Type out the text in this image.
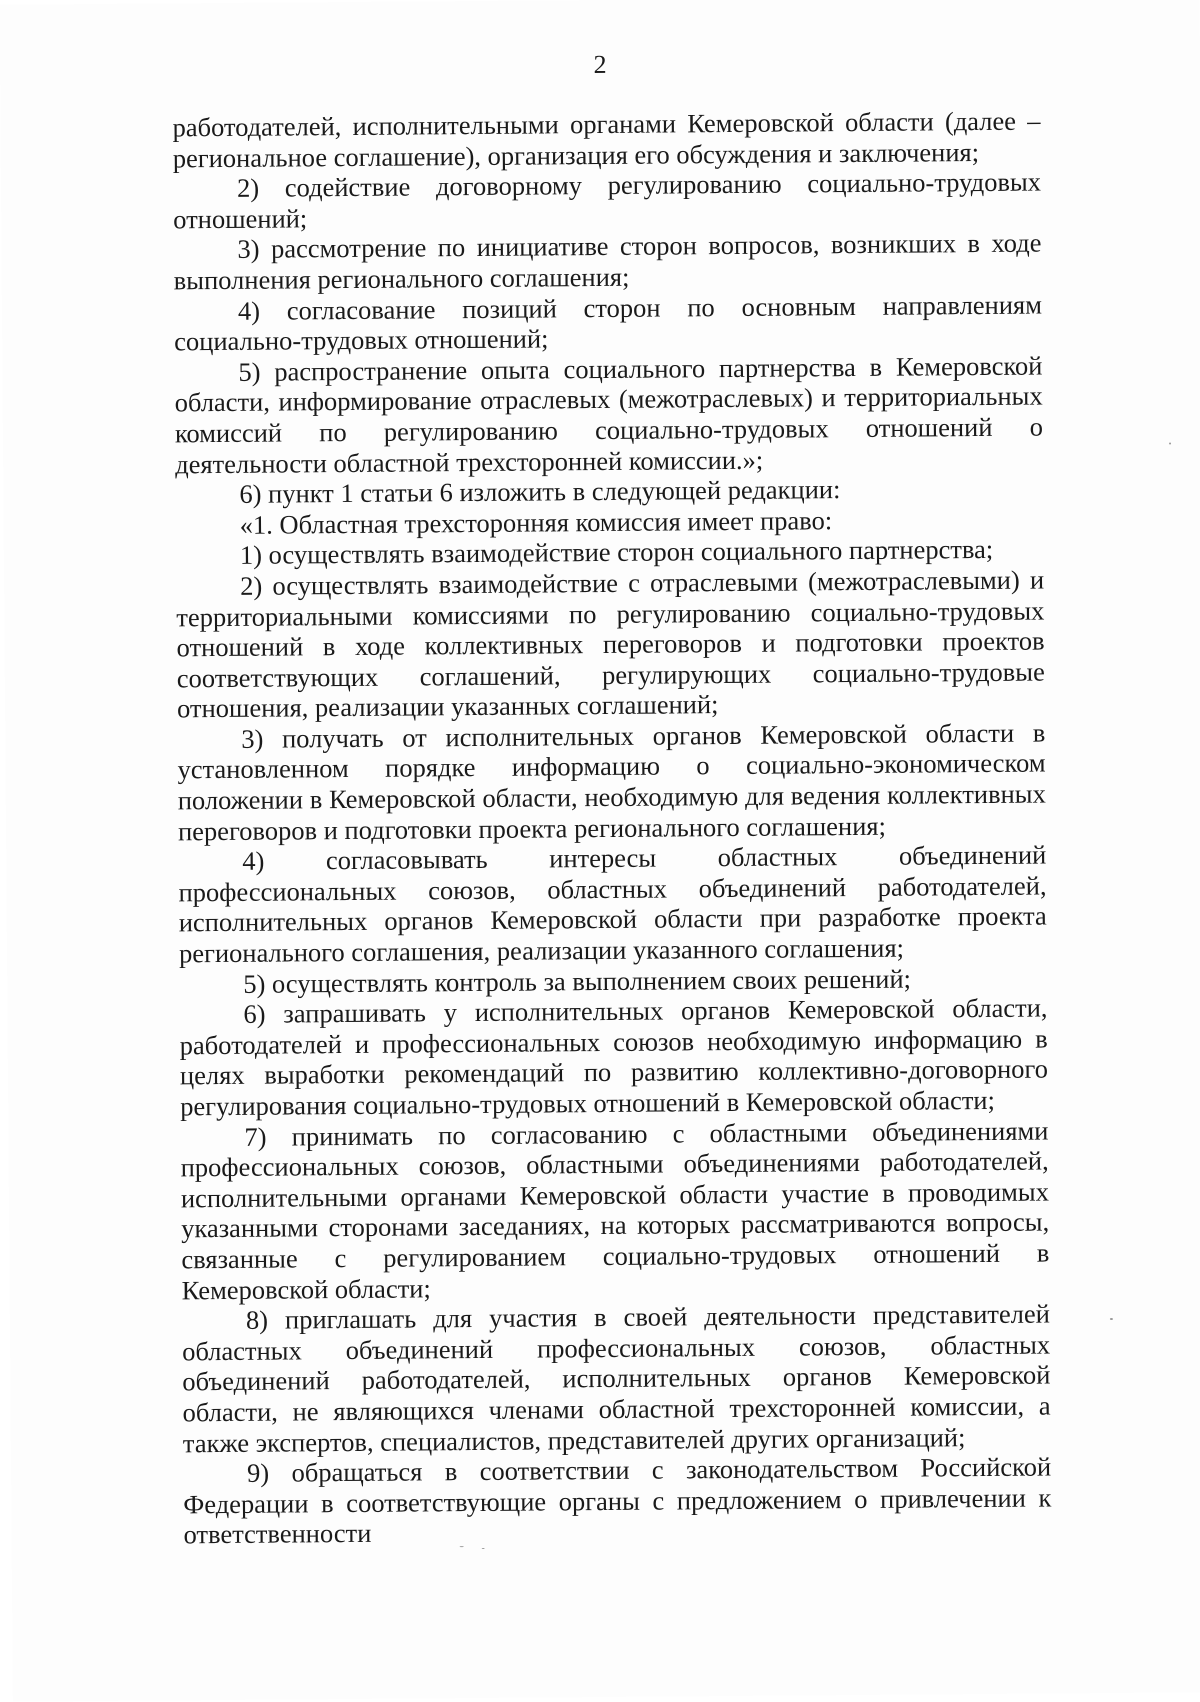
2

работодателей, исполнительными органами Кемеровской области (далее – региональное соглашение), организация его обсуждения и заключения;

2) содействие договорному регулированию социально-трудовых отношений;

3) рассмотрение по инициативе сторон вопросов, возникших в ходе выполнения регионального соглашения;

4) согласование позиций сторон по основным направлениям социально-трудовых отношений;

5) распространение опыта социального партнерства в Кемеровской области, информирование отраслевых (межотраслевых) и территориальных комиссий по регулированию социально-трудовых отношений о деятельности областной трехсторонней комиссии.»;

6) пункт 1 статьи 6 изложить в следующей редакции:

«1. Областная трехсторонняя комиссия имеет право:

1) осуществлять взаимодействие сторон социального партнерства;

2) осуществлять взаимодействие с отраслевыми (межотраслевыми) и территориальными комиссиями по регулированию социально-трудовых отношений в ходе коллективных переговоров и подготовки проектов соответствующих соглашений, регулирующих социально-трудовые отношения, реализации указанных соглашений;

3) получать от исполнительных органов Кемеровской области в установленном порядке информацию о социально-экономическом положении в Кемеровской области, необходимую для ведения коллективных переговоров и подготовки проекта регионального соглашения;

4) согласовывать интересы областных объединений профессиональных союзов, областных объединений работодателей, исполнительных органов Кемеровской области при разработке проекта регионального соглашения, реализации указанного соглашения;

5) осуществлять контроль за выполнением своих решений;

6) запрашивать у исполнительных органов Кемеровской области, работодателей и профессиональных союзов необходимую информацию в целях выработки рекомендаций по развитию коллективно-договорного регулирования социально-трудовых отношений в Кемеровской области;

7) принимать по согласованию с областными объединениями профессиональных союзов, областными объединениями работодателей, исполнительными органами Кемеровской области участие в проводимых указанными сторонами заседаниях, на которых рассматриваются вопросы, связанные с регулированием социально-трудовых отношений в Кемеровской области;

8) приглашать для участия в своей деятельности представителей областных объединений профессиональных союзов, областных объединений работодателей, исполнительных органов Кемеровской области, не являющихся членами областной трехсторонней комиссии, а также экспертов, специалистов, представителей других организаций;

9) обращаться в соответствии с законодательством Российской Федерации в соответствующие органы с предложением о привлечении к ответственности
